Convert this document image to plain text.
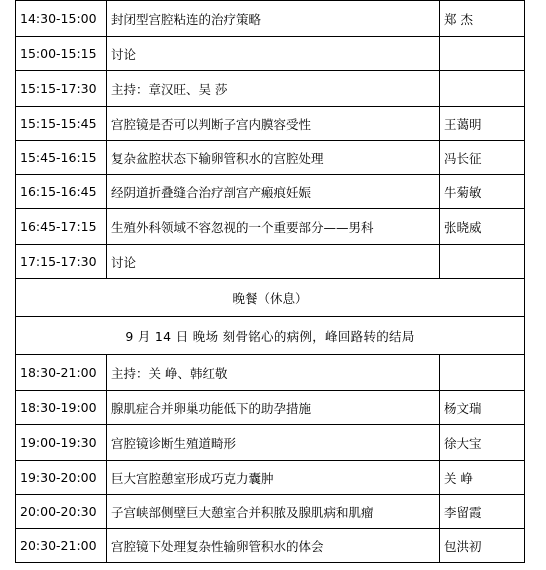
14:30-15:00	封闭型宫腔粘连的治疗策略	郑 杰
15:00-15:15	讨论	
15:15-17:30	主持：章汉旺、吴 莎	
15:15-15:45	宫腔镜是否可以判断子宫内膜容受性	王蔼明
15:45-16:15	复杂盆腔状态下输卵管积水的宫腔处理	冯长征
16:15-16:45	经阴道折叠缝合治疗剖宫产瘢痕妊娠	牛菊敏
16:45-17:15	生殖外科领域不容忽视的一个重要部分——男科	张晓威
17:15-17:30	讨论	
晚餐（休息）		
9 月 14 日 晚场 刻骨铭心的病例，峰回路转的结局		
18:30-21:00	主持：关 峥、韩红敬	
18:30-19:00	腺肌症合并卵巢功能低下的助孕措施	杨文瑞
19:00-19:30	宫腔镜诊断生殖道畸形	徐大宝
19:30-20:00	巨大宫腔憩室形成巧克力囊肿	关 峥
20:00-20:30	子宫峡部侧壁巨大憩室合并积脓及腺肌病和肌瘤	李留霞
20:30-21:00	宫腔镜下处理复杂性输卵管积水的体会	包洪初
